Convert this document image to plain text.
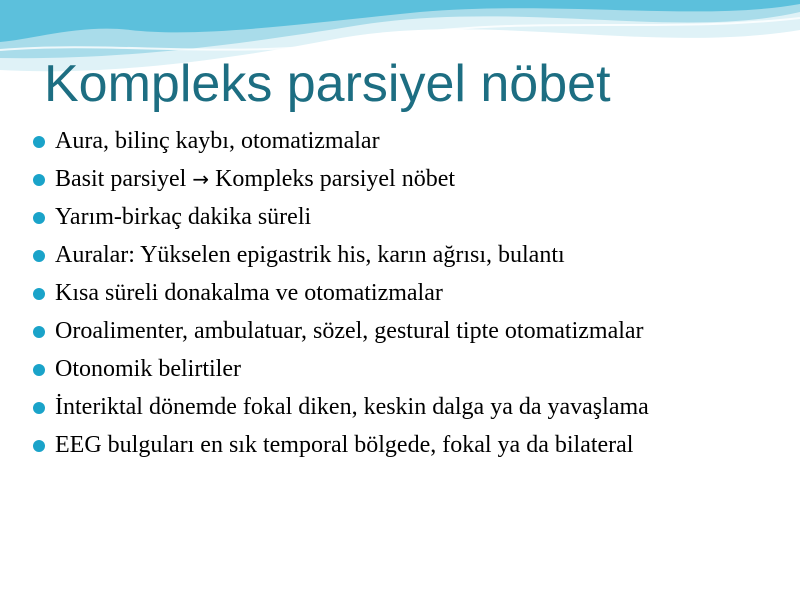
Kompleks parsiyel nöbet
Aura, bilinç kaybı, otomatizmalar
Basit parsiyel → Kompleks parsiyel nöbet
Yarım-birkaç dakika süreli
Auralar: Yükselen epigastrik his, karın ağrısı, bulantı
Kısa süreli donakalma ve otomatizmalar
Oroalimenter, ambulatuar, sözel, gestural tipte otomatizmalar
Otonomik belirtiler
İnteriktal dönemde fokal diken, keskin dalga ya da yavaşlama
EEG bulguları en sık temporal bölgede, fokal ya da bilateral
